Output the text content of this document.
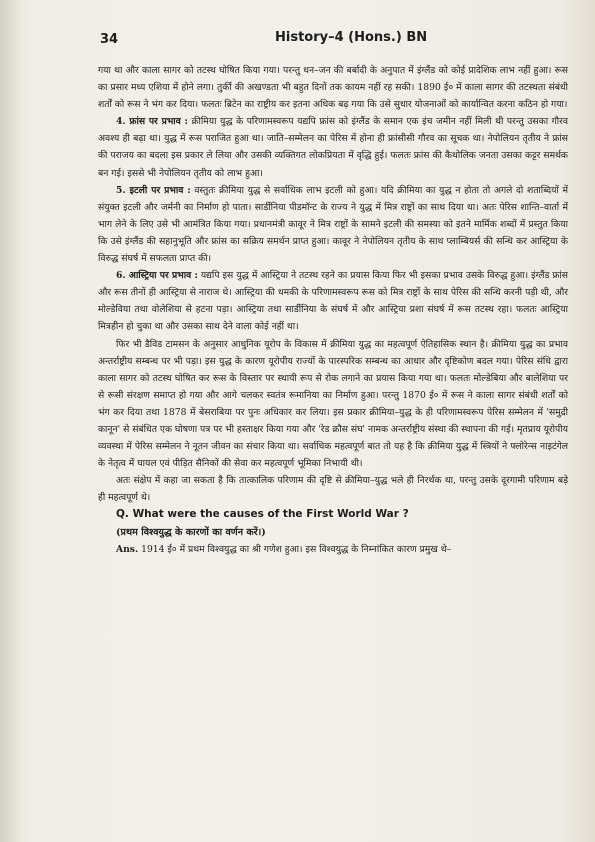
34	History–4 (Hons.) BN

गया था और काला सागर को तटस्थ घोषित किया गया। परन्तु धन–जन की बर्बादी के अनुपात में इंग्लैंड को कोई प्रादेशिक लाभ नहीं हुआ। रूस का प्रसार मध्य एशिया में होने लगा। तुर्की की अखण्डता भी बहुत दिनों तक कायम नहीं रह सकी। 1890 ई० में काला सागर की तटस्थता संबंधी शर्तों को रूस ने भंग कर दिया। फलतः ब्रिटेन का राष्ट्रीय कर इतना अधिक बढ़ गया कि उसे सुधार योजनाओं को कार्यान्वित करना कठिन हो गया।

4. फ्रांस पर प्रभाव : क्रीमिया युद्ध के परिणामस्वरूप यद्यपि फ्रांस को इंग्लैंड के समान एक इंच जमीन नहीं मिली थी परन्तु उसका गौरव अवश्य ही बढ़ा था। युद्ध में रूस पराजित हुआ था। जाति–सम्मेलन का पेरिस में होना ही फ्रांसीसी गौरव का सूचक था। नेपोलियन तृतीय ने फ्रांस की पराजय का बदला इस प्रकार ले लिया और उसकी व्यक्तिगत लोकप्रियता में वृद्धि हुई। फलतः फ्रांस की कैथोलिक जनता उसका कट्टर समर्थक बन गई। इससे भी नेपोलियन तृतीय को लाभ हुआ।

5. इटली पर प्रभाव : वस्तुतः क्रीमिया युद्ध से सर्वाधिक लाभ इटली को हुआ। यदि क्रीमिया का युद्ध न होता तो अगले दो शताब्दियों में संयुक्त इटली और जर्मनी का निर्माण हो पाता। सार्डीनिया पीडमॉन्ट के राज्य ने युद्ध में मित्र राष्ट्रों का साथ दिया था। अतः पेरिस शान्ति–वार्ता में भाग लेने के लिए उसे भी आमंत्रित किया गया। प्रधानमंत्री कावूर ने मित्र राष्ट्रों के सामने इटली की समस्या को इतने मार्मिक शब्दों में प्रस्तुत किया कि उसे इंग्लैंड की सहानुभूति और फ्रांस का सक्रिय समर्थन प्राप्त हुआ। कावूर ने नेपोलियन तृतीय के साथ प्लाम्बियर्स की सन्धि कर आस्ट्रिया के विरुद्ध संघर्ष में सफलता प्राप्त की।

6. आस्ट्रिया पर प्रभाव : यद्यपि इस युद्ध में आस्ट्रिया ने तटस्थ रहने का प्रयास किया फिर भी इसका प्रभाव उसके विरुद्ध हुआ। इंग्लैंड फ्रांस और रूस तीनों ही आस्ट्रिया से नाराज थे। आस्ट्रिया की धमकी के परिणामस्वरूप रूस को मित्र राष्ट्रों के साथ पेरिस की सन्धि करनी पड़ी थी, और मोल्डेविया तथा वोलेशिया से हटना पड़ा। आस्ट्रिया तथा सार्डीनिया के संघर्ष में और आस्ट्रिया प्रशा संघर्ष में रूस तटस्थ रहा। फलतः आस्ट्रिया मित्रहीन हो चुका था और उसका साथ देने वाला कोई नहीं था।

फिर भी डैविड टामसन के अनुसार आधुनिक यूरोप के विकास में क्रीमिया युद्ध का महत्वपूर्ण ऐतिहासिक स्थान है। क्रीमिया युद्ध का प्रभाव अन्तर्राष्ट्रीय सम्बन्ध पर भी पड़ा। इस युद्ध के कारण यूरोपीय राज्यों के पारस्परिक सम्बन्ध का आधार और दृष्टिकोण बदल गया। पेरिस संधि द्वारा काला सागर को तटस्थ घोषित कर रूस के विस्तार पर स्थायी रूप से रोक लगाने का प्रयास किया गया था। फलतः मोल्डेबिया और बालेशिया पर से रूसी संरक्षण समाप्त हो गया और आगे चलकर स्वतंत्र रूमानिया का निर्माण हुआ। परन्तु 1870 ई० में रूस ने काला सागर संबंधी शर्तों को भंग कर दिया तथा 1878 में बेसराबिया पर पुनः अधिकार कर लिया। इस प्रकार क्रीमिया–युद्ध के ही परिणामस्वरूप पेरिस सम्मेलन में 'समुद्री कानून' से संबंधित एक घोषणा पत्र पर भी हस्ताक्षर किया गया और 'रेड क्रौस संघ' नामक अन्तर्राष्ट्रीय संस्था की स्थापना की गई। मृतप्राय यूरोपीय व्यवस्था में पेरिस सम्मेलन ने नूतन जीवन का संचार किया था। सर्वाधिक महत्वपूर्ण बात तो यह है कि क्रीमिया युद्ध में स्त्रियों ने फ्लोरेन्स नाइटंगेल के नेतृत्व में घायल एवं पीड़ित सैनिकों की सेवा कर महत्वपूर्ण भूमिका निभायी थी।

अतः संक्षेप में कहा जा सकता है कि तात्कालिक परिणाम की दृष्टि से क्रीमिया–युद्ध भले ही निरर्थक था, परन्तु उसके दूरगामी परिणाम बड़े ही महत्वपूर्ण थे।

Q. What were the causes of the First World War ?

(प्रथम विश्वयुद्ध के कारणों का वर्णन करें।)

Ans. 1914 ई० में प्रथम विश्वयुद्ध का श्री गणेश हुआ। इस विश्वयुद्ध के निम्नांकित कारण प्रमुख थे–
